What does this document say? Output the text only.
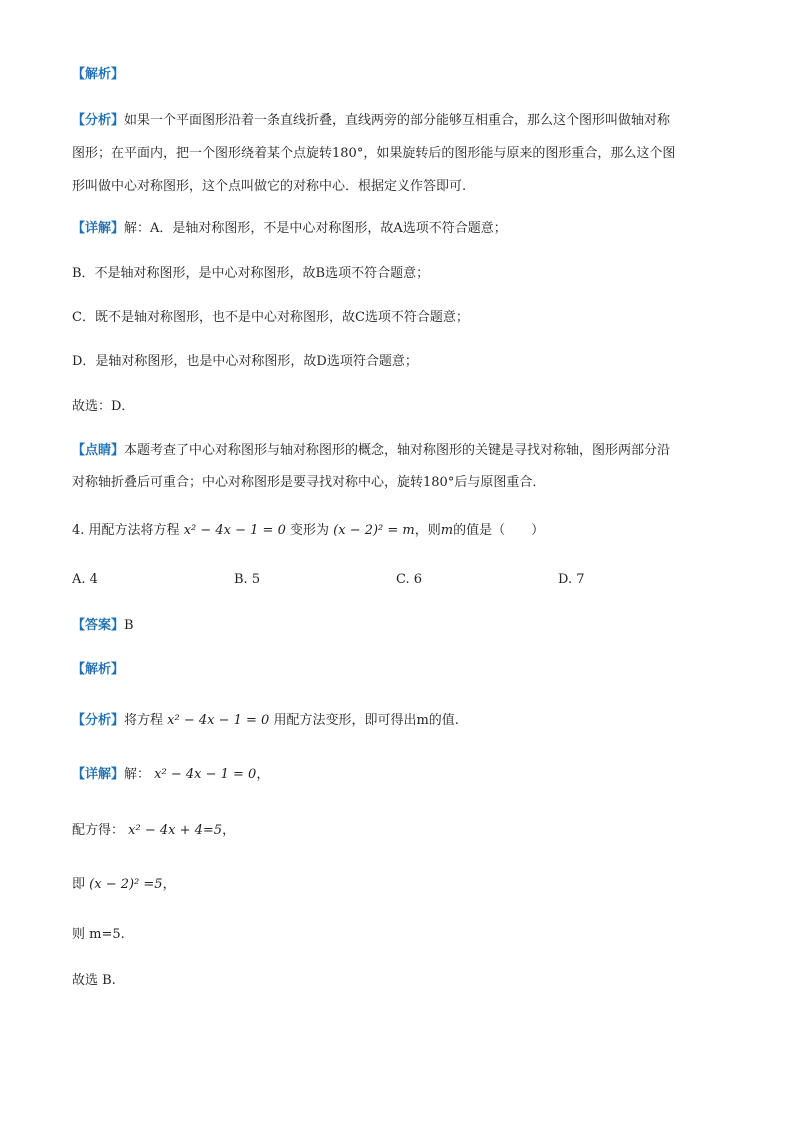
【解析】
【分析】如果一个平面图形沿着一条直线折叠，直线两旁的部分能够互相重合，那么这个图形叫做轴对称
图形；在平面内，把一个图形绕着某个点旋转180°，如果旋转后的图形能与原来的图形重合，那么这个图
形叫做中心对称图形，这个点叫做它的对称中心．根据定义作答即可.
【详解】解：A．是轴对称图形，不是中心对称图形，故A选项不符合题意；
B．不是轴对称图形，是中心对称图形，故B选项不符合题意；
C．既不是轴对称图形，也不是中心对称图形，故C选项不符合题意；
D．是轴对称图形，也是中心对称图形，故D选项符合题意；
故选：D．
【点睛】本题考查了中心对称图形与轴对称图形的概念，轴对称图形的关键是寻找对称轴，图形两部分沿
对称轴折叠后可重合；中心对称图形是要寻找对称中心，旋转180°后与原图重合．
4. 用配方法将方程 x² − 4x − 1 = 0 变形为 (x − 2)² = m，则m的值是（　　）
A. 4	B. 5	C. 6	D. 7
【答案】B
【解析】
【分析】将方程 x² − 4x − 1 = 0 用配方法变形，即可得出m的值.
【详解】解： x² − 4x − 1 = 0，
配方得： x² − 4x + 4=5，
即 (x − 2)² =5，
则 m=5.
故选 B.
